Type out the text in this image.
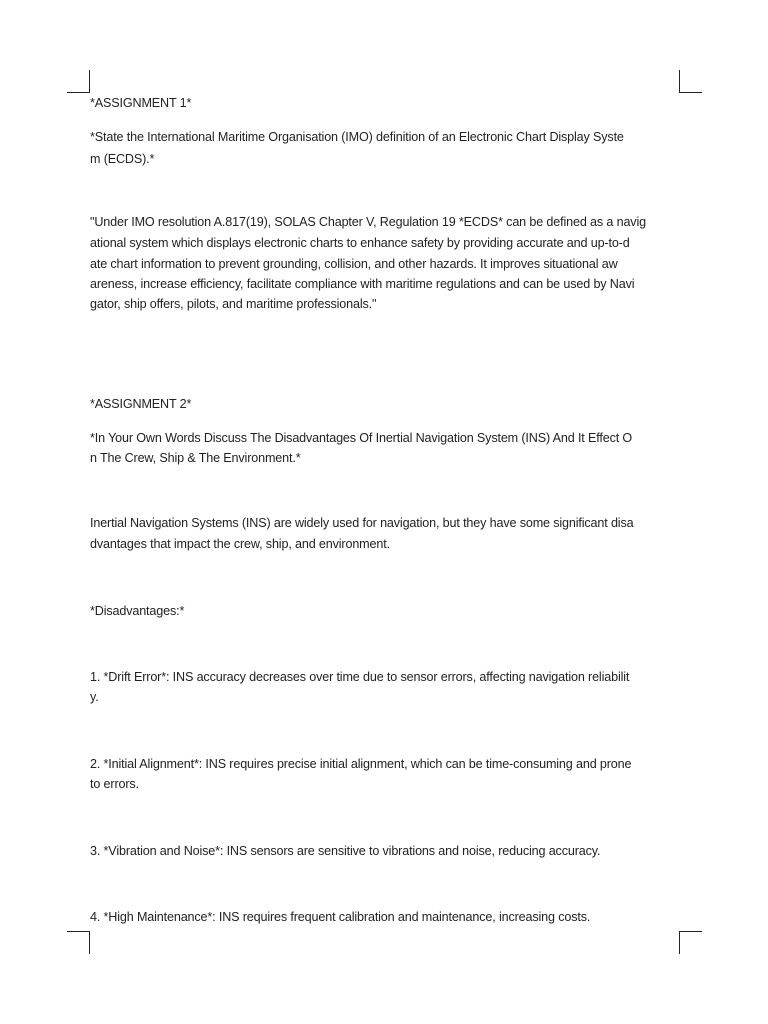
*ASSIGNMENT 1*
*State the International Maritime Organisation (IMO) definition of an Electronic Chart Display Syste
m (ECDS).*
"Under IMO resolution A.817(19), SOLAS Chapter V, Regulation 19 *ECDS* can be defined as a navig
ational system which displays electronic charts to enhance safety by providing accurate and up-to-d
ate chart information to prevent grounding, collision, and other hazards. It improves situational aw
areness, increase efficiency, facilitate compliance with maritime regulations and can be used by Navi
gator, ship offers, pilots, and maritime professionals."
*ASSIGNMENT 2*
*In Your Own Words Discuss The Disadvantages Of Inertial Navigation System (INS) And It Effect O
n The Crew, Ship & The Environment.*
Inertial Navigation Systems (INS) are widely used for navigation, but they have some significant disa
dvantages that impact the crew, ship, and environment.
*Disadvantages:*
1. *Drift Error*: INS accuracy decreases over time due to sensor errors, affecting navigation reliabilit
y.
2. *Initial Alignment*: INS requires precise initial alignment, which can be time-consuming and prone
to errors.
3. *Vibration and Noise*: INS sensors are sensitive to vibrations and noise, reducing accuracy.
4. *High Maintenance*: INS requires frequent calibration and maintenance, increasing costs.
